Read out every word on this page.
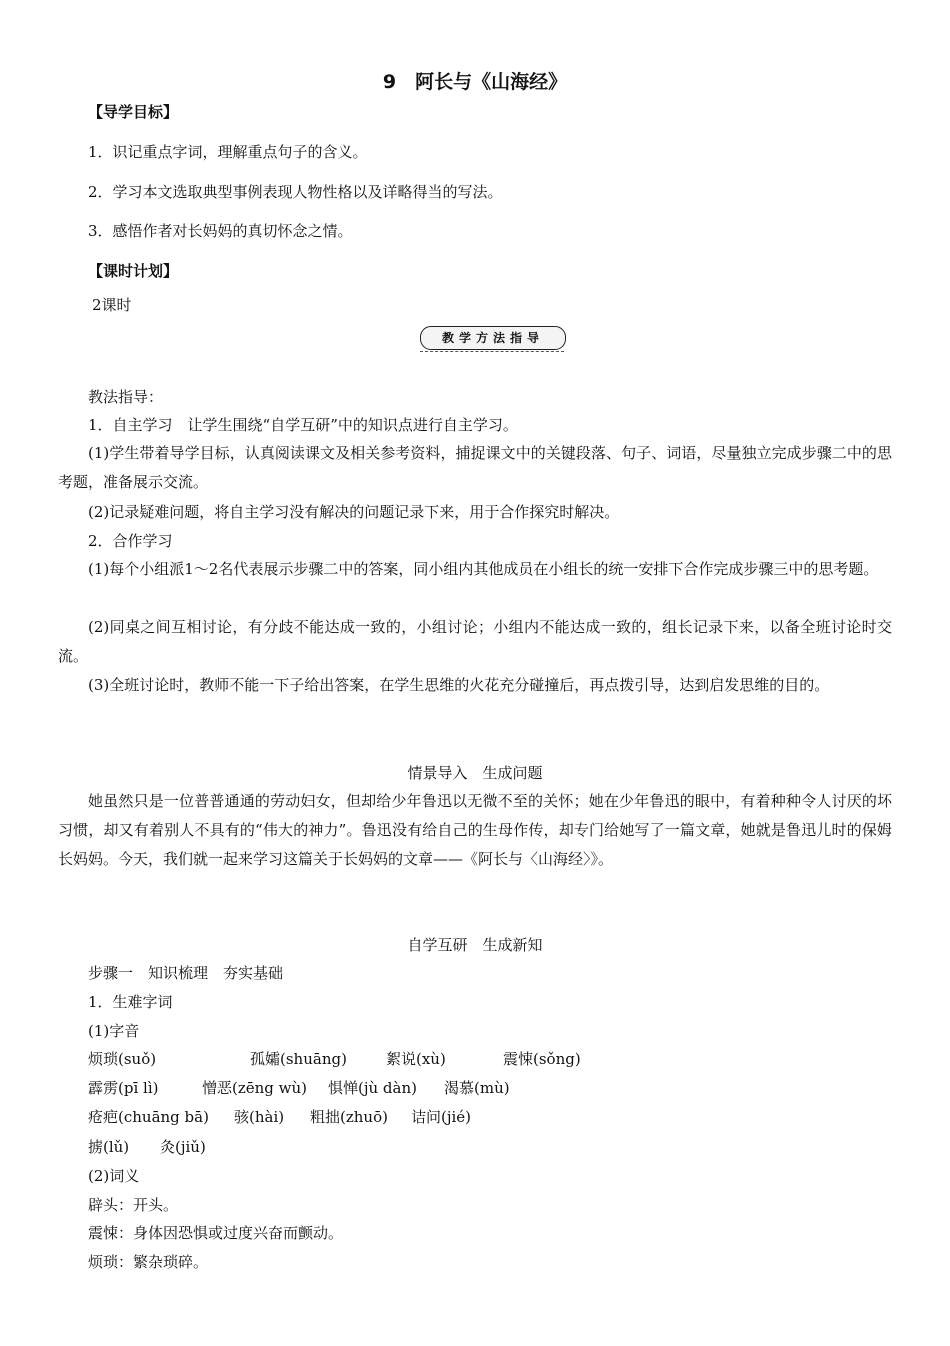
9　阿长与《山海经》
【导学目标】
1．识记重点字词，理解重点句子的含义。
2．学习本文选取典型事例表现人物性格以及详略得当的写法。
3．感悟作者对长妈妈的真切怀念之情。
【课时计划】
2课时
教学方法指导
教法指导：
1．自主学习　让学生围绕“自学互研”中的知识点进行自主学习。
(1)学生带着导学目标，认真阅读课文及相关参考资料，捕捉课文中的关键段落、句子、词语，尽量独立完成步骤二中的思考题，准备展示交流。
(2)记录疑难问题，将自主学习没有解决的问题记录下来，用于合作探究时解决。
2．合作学习
(1)每个小组派1～2名代表展示步骤二中的答案，同小组内其他成员在小组长的统一安排下合作完成步骤三中的思考题。
(2)同桌之间互相讨论，有分歧不能达成一致的，小组讨论；小组内不能达成一致的，组长记录下来，以备全班讨论时交流。
(3)全班讨论时，教师不能一下子给出答案，在学生思维的火花充分碰撞后，再点拨引导，达到启发思维的目的。
情景导入　生成问题
她虽然只是一位普普通通的劳动妇女，但却给少年鲁迅以无微不至的关怀；她在少年鲁迅的眼中，有着种种令人讨厌的坏习惯，却又有着别人不具有的“伟大的神力”。鲁迅没有给自己的生母作传，却专门给她写了一篇文章，她就是鲁迅儿时的保姆长妈妈。今天，我们就一起来学习这篇关于长妈妈的文章——《阿长与〈山海经〉》。
自学互研　生成新知
步骤一　知识梳理　夯实基础
1．生难字词
(1)字音
烦琐(suǒ)	孤孀(shuāng)	絮说(xù)	震悚(sǒng)
霹雳(pī lì)	憎恶(zēng wù) 惧惮(jù dàn) 渴慕(mù)
疮疤(chuāng bā) 骇(hài) 粗拙(zhuō) 诘问(jié)
掳(lǔ) 灸(jiǔ)
(2)词义
辟头：开头。
震悚：身体因恐惧或过度兴奋而颤动。
烦琐：繁杂琐碎。
